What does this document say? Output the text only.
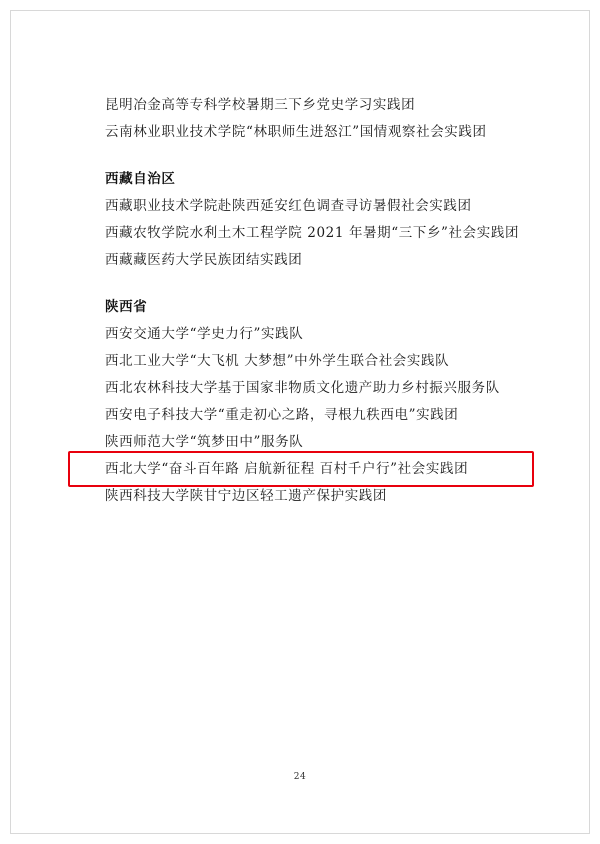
昆明冶金高等专科学校暑期三下乡党史学习实践团

云南林业职业技术学院“林职师生进怒江”国情观察社会实践团

西藏自治区

西藏职业技术学院赴陕西延安红色调查寻访暑假社会实践团

西藏农牧学院水利土木工程学院 2021 年暑期“三下乡”社会实践团

西藏藏医药大学民族团结实践团

陕西省

西安交通大学“学史力行”实践队

西北工业大学“大飞机 大梦想”中外学生联合社会实践队

西北农林科技大学基于国家非物质文化遗产助力乡村振兴服务队

西安电子科技大学“重走初心之路，寻根九秩西电”实践团

陕西师范大学“筑梦田中”服务队

西北大学“奋斗百年路 启航新征程 百村千户行”社会实践团

陕西科技大学陕甘宁边区轻工遗产保护实践团

24
